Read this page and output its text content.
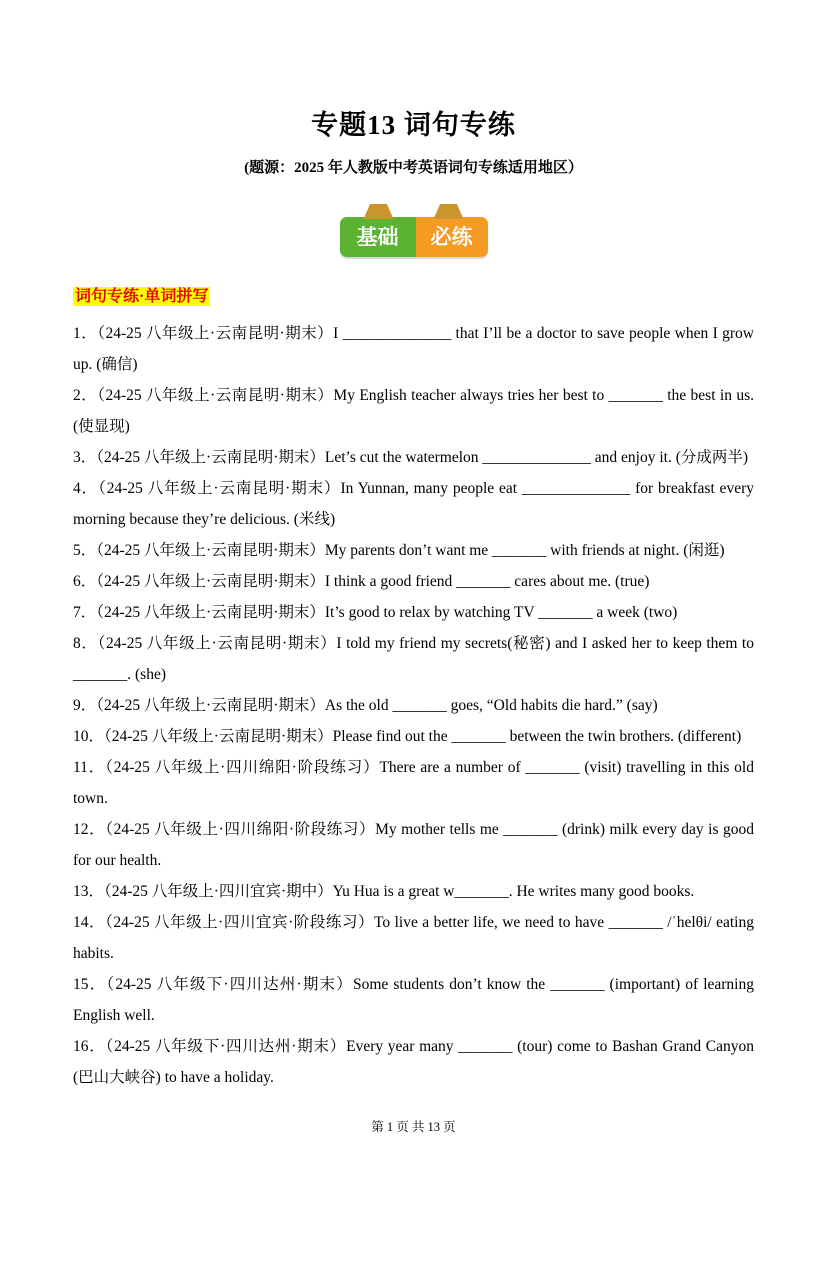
专题13 词句专练
(题源：2025 年人教版中考英语词句专练适用地区）
基础	必练
词句专练·单词拼写

1．（24-25 八年级上·云南昆明·期末）I ______________ that I’ll be a doctor to save people when I grow up. (确信)

2．（24-25 八年级上·云南昆明·期末）My English teacher always tries her best to _______ the best in us. (使显现)

3．（24-25 八年级上·云南昆明·期末）Let’s cut the watermelon ______________ and enjoy it. (分成两半)

4．（24-25 八年级上·云南昆明·期末）In Yunnan, many people eat ______________ for breakfast every morning because they’re delicious. (米线)

5．（24-25 八年级上·云南昆明·期末）My parents don’t want me _______ with friends at night. (闲逛)

6．（24-25 八年级上·云南昆明·期末）I think a good friend _______ cares about me. (true)

7．（24-25 八年级上·云南昆明·期末）It’s good to relax by watching TV _______ a week (two)

8．（24-25 八年级上·云南昆明·期末）I told my friend my secrets(秘密) and I asked her to keep them to _______. (she)

9．（24-25 八年级上·云南昆明·期末）As the old _______ goes, “Old habits die hard.” (say)

10．（24-25 八年级上·云南昆明·期末）Please find out the _______ between the twin brothers. (different)

11．（24-25 八年级上·四川绵阳·阶段练习）There are a number of _______ (visit) travelling in this old town.

12．（24-25 八年级上·四川绵阳·阶段练习）My mother tells me _______ (drink) milk every day is good for our health.

13．（24-25 八年级上·四川宜宾·期中）Yu Hua is a great w_______. He writes many good books.

14．（24-25 八年级上·四川宜宾·阶段练习）To live a better life, we need to have _______ /ˈhelθi/ eating habits.

15．（24-25 八年级下·四川达州·期末）Some students don’t know the _______ (important) of learning English well.

16．（24-25 八年级下·四川达州·期末）Every year many _______ (tour) come to Bashan Grand Canyon (巴山大峡谷) to have a holiday.

第 1 页 共 13 页
